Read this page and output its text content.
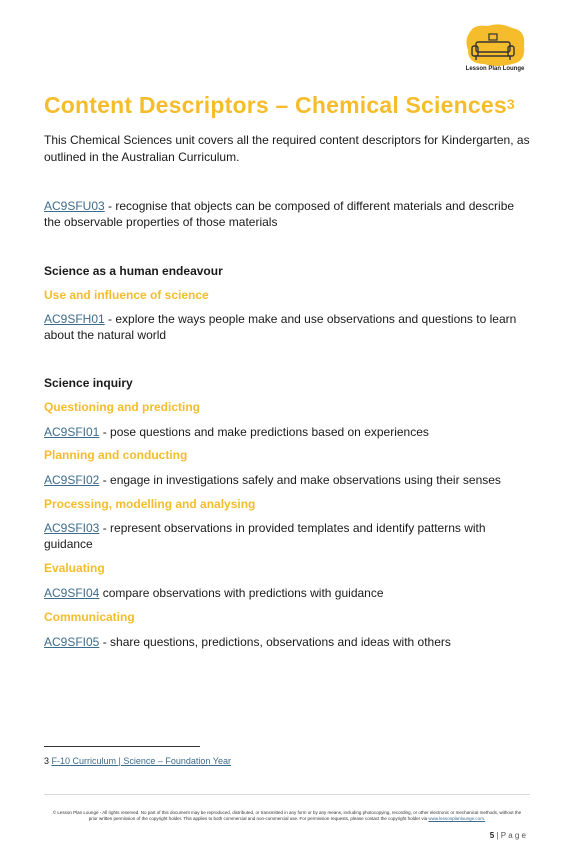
Lesson Plan Lounge
Content Descriptors – Chemical Sciences$^3$

This Chemical Sciences unit covers all the required content descriptors for Kindergarten, as outlined in the Australian Curriculum.

AC9SFU03 - recognise that objects can be composed of different materials and describe the observable properties of those materials

Science as a human endeavour

Use and influence of science

AC9SFH01 - explore the ways people make and use observations and questions to learn about the natural world

Science inquiry

Questioning and predicting

AC9SFI01 - pose questions and make predictions based on experiences

Planning and conducting

AC9SFI02 - engage in investigations safely and make observations using their senses

Processing, modelling and analysing

AC9SFI03 - represent observations in provided templates and identify patterns with guidance

Evaluating

AC9SFI04 compare observations with predictions with guidance

Communicating

AC9SFI05 - share questions, predictions, observations and ideas with others

3 F-10 Curriculum | Science – Foundation Year
© Lesson Plan Lounge - All rights reserved. No part of this document may be reproduced, distributed, or transmitted in any form or by any means, including photocopying, recording, or other electronic or mechanical methods, without the prior written permission of the copyright holder. This applies to both commercial and non-commercial use. For permission requests, please contact the copyright holder via www.lessonplanlounge.com.
5 | P a g e
